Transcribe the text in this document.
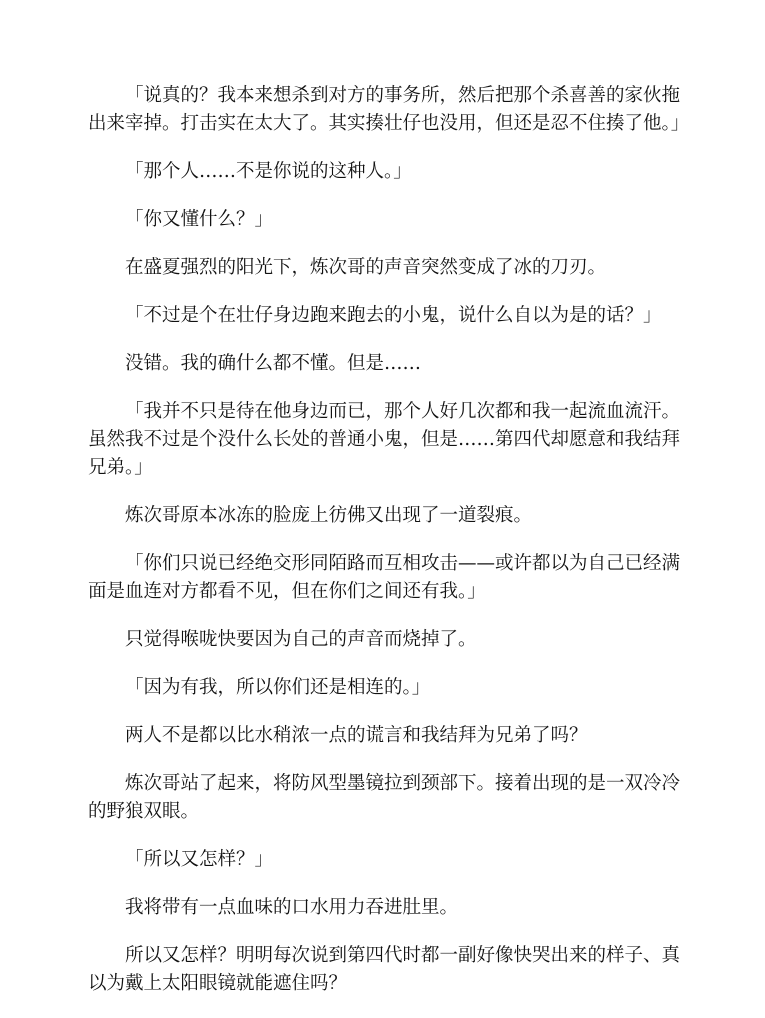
「说真的？我本来想杀到对方的事务所，然后把那个杀喜善的家伙拖出来宰掉。打击实在太大了。其实揍壮仔也没用，但还是忍不住揍了他。」

「那个人……不是你说的这种人。」

「你又懂什么？」

在盛夏强烈的阳光下，炼次哥的声音突然变成了冰的刀刃。

「不过是个在壮仔身边跑来跑去的小鬼，说什么自以为是的话？」

没错。我的确什么都不懂。但是……

「我并不只是待在他身边而已，那个人好几次都和我一起流血流汗。虽然我不过是个没什么长处的普通小鬼，但是……第四代却愿意和我结拜兄弟。」

炼次哥原本冰冻的脸庞上彷佛又出现了一道裂痕。

「你们只说已经绝交形同陌路而互相攻击——或许都以为自己已经满面是血连对方都看不见，但在你们之间还有我。」

只觉得喉咙快要因为自己的声音而烧掉了。

「因为有我，所以你们还是相连的。」

两人不是都以比水稍浓一点的谎言和我结拜为兄弟了吗？

炼次哥站了起来，将防风型墨镜拉到颈部下。接着出现的是一双冷冷的野狼双眼。

「所以又怎样？」

我将带有一点血味的口水用力吞进肚里。

所以又怎样？明明每次说到第四代时都一副好像快哭出来的样子、真以为戴上太阳眼镜就能遮住吗？
